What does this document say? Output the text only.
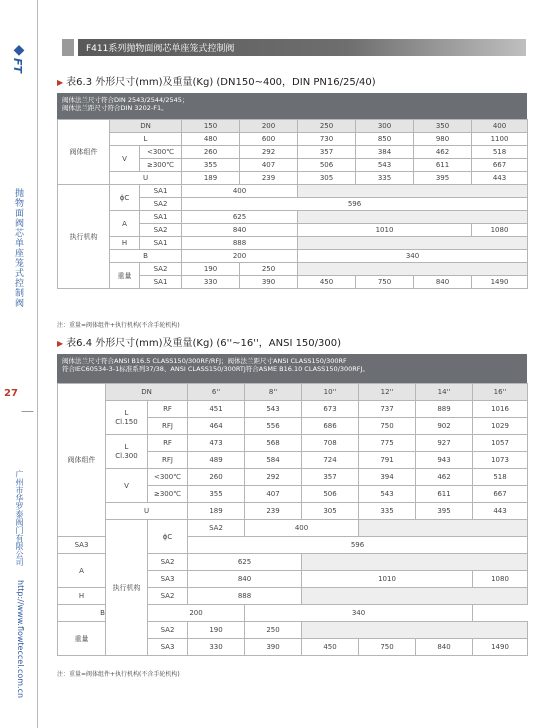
◆
FT
抛物面阀芯单座笼式控制阀
27
广州市华罗泰阀门有限公司
http://www.flowteccel.com.cn
F411系列抛物面阀芯单座笼式控制阀
▶ 表6.3 外形尺寸(mm)及重量(Kg) (DN150~400，DIN PN16/25/40)
阀体法兰尺寸符合DIN 2543/2544/2545；
阀体法兰距尺寸符合DIN 3202-F1。
阀体组件	DN		150	200	250	300	350	400
	L		480	600	730	850	980	1100
	V	<300℃	260	292	357	384	462	518
		≥300℃	355	407	506	543	611	667
	U		189	239	305	335	395	443
执行机构	ϕC	SA1	400					
		SA2	596					
	A	SA1	625					
		SA2	840		1010			1080
	H	SA1	888					
	B		200		340			
	重量	SA2	190	250				
		SA1	330	390	450	750	840	1490
注：重量=阀体组件+执行机构(不含手轮机构)
▶ 表6.4 外形尺寸(mm)及重量(Kg) (6''~16''，ANSI 150/300)
阀体法兰尺寸符合ANSI B16.5 CLASS150/300RF/RFJ；阀体法兰距尺寸ANSI CLASS150/300RF
符合IEC60534-3-1标准系列37/38、ANSI CLASS150/300RTJ符合ASME B16.10 CLASS150/300RFJ。
阀体组件	DN		6''	8''	10''	12''	14''	16''
	L
Cl.150	RF	451	543	673	737	889	1016
		RFJ	464	556	686	750	902	1029
	L
Cl.300	RF	473	568	708	775	927	1057
		RFJ	489	584	724	791	943	1073
	V	<300℃	260	292	357	394	462	518
		≥300℃	355	407	506	543	611	667
	U		189	239	305	335	395	443
	执行机构	ϕC	SA2	400				
SA3			596					
A		SA2	625					
		SA3	840		1010			1080
H		SA2	888					
B		200		340				
重量		SA2	190	250				
		SA3	330	390	450	750	840	1490
注：重量=阀体组件+执行机构(不含手轮机构)
